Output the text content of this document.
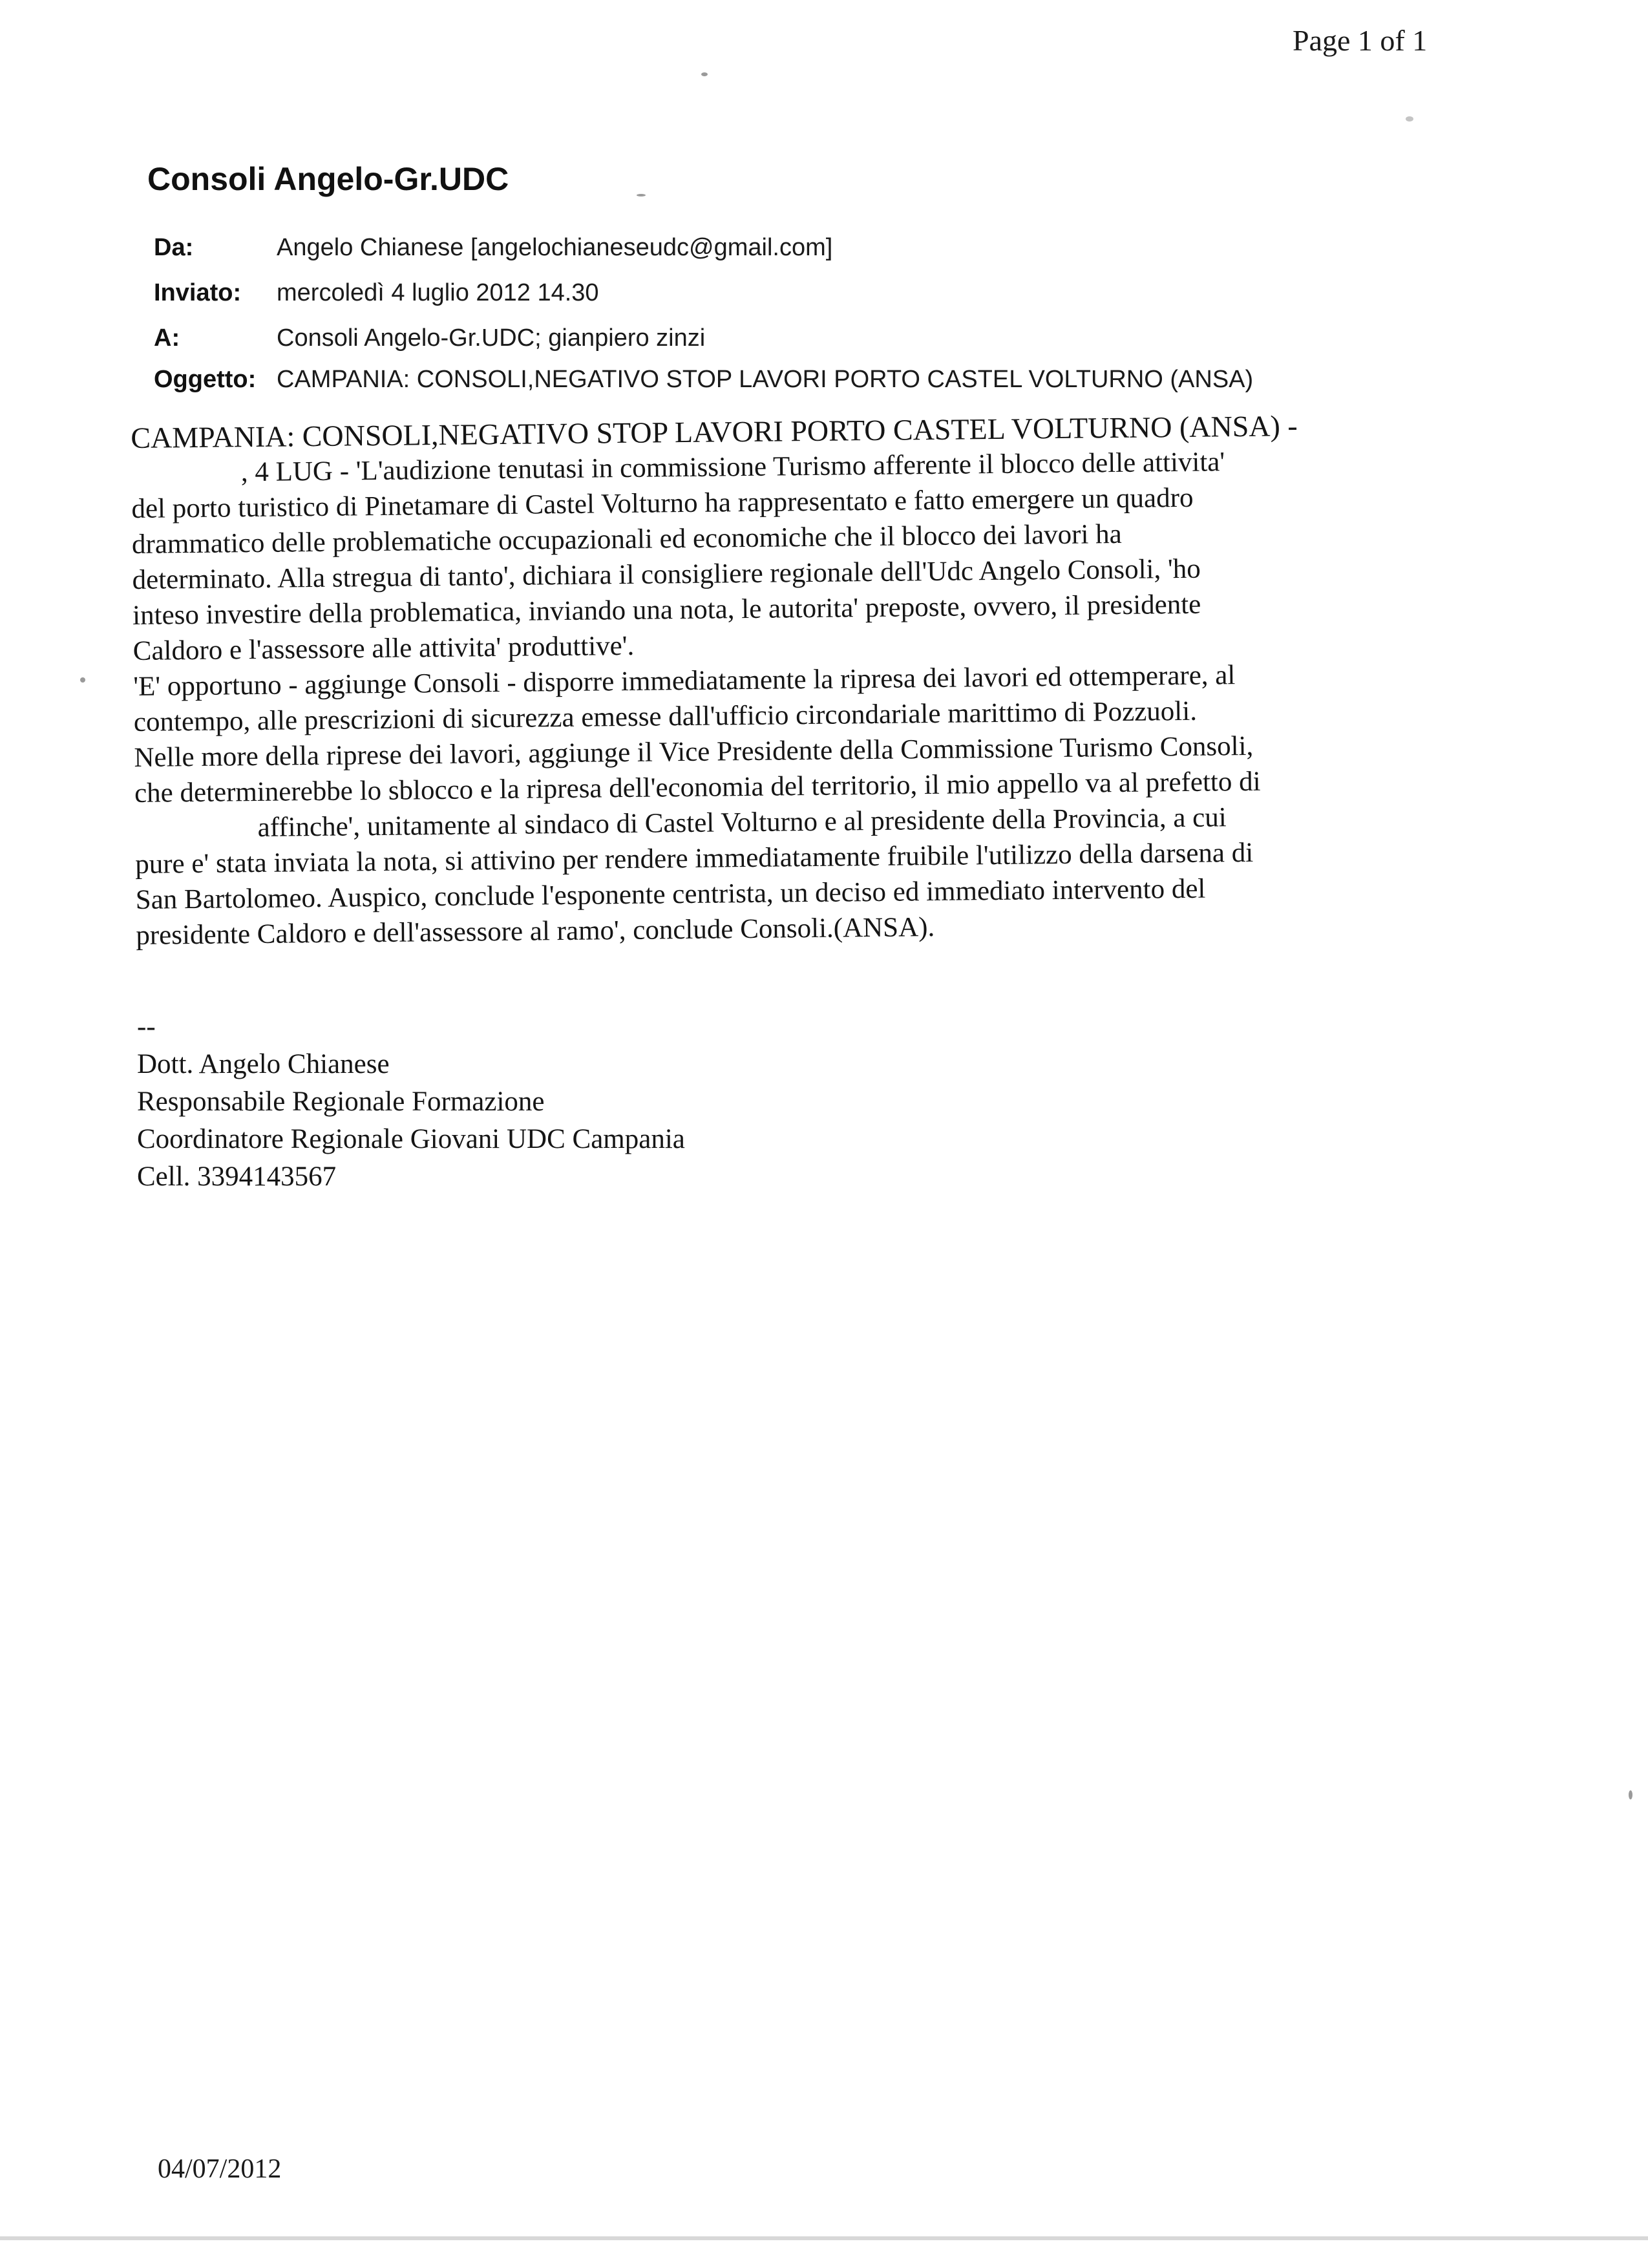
Page 1 of 1
Consoli Angelo-Gr.UDC
Da:	Angelo Chianese [angelochianeseudc@gmail.com]
Inviato: mercoledì 4 luglio 2012 14.30
A:	Consoli Angelo-Gr.UDC; gianpiero zinzi
Oggetto: CAMPANIA: CONSOLI,NEGATIVO STOP LAVORI PORTO CASTEL VOLTURNO (ANSA)

CAMPANIA: CONSOLI,NEGATIVO STOP LAVORI PORTO CASTEL VOLTURNO (ANSA) -

, 4 LUG - 'L'audizione tenutasi in commissione Turismo afferente il blocco delle attivita'

del porto turistico di Pinetamare di Castel Volturno ha rappresentato e fatto emergere un quadro

drammatico delle problematiche occupazionali ed economiche che il blocco dei lavori ha

determinato. Alla stregua di tanto', dichiara il consigliere regionale dell'Udc Angelo Consoli, 'ho

inteso investire della problematica, inviando una nota, le autorita' preposte, ovvero, il presidente

Caldoro e l'assessore alle attivita' produttive'.

'E' opportuno - aggiunge Consoli - disporre immediatamente la ripresa dei lavori ed ottemperare, al

contempo, alle prescrizioni di sicurezza emesse dall'ufficio circondariale marittimo di Pozzuoli.

Nelle more della riprese dei lavori, aggiunge il Vice Presidente della Commissione Turismo Consoli,

che determinerebbe lo sblocco e la ripresa dell'economia del territorio, il mio appello va al prefetto di

affinche', unitamente al sindaco di Castel Volturno e al presidente della Provincia, a cui

pure e' stata inviata la nota, si attivino per rendere immediatamente fruibile l'utilizzo della darsena di

San Bartolomeo. Auspico, conclude l'esponente centrista, un deciso ed immediato intervento del

presidente Caldoro e dell'assessore al ramo', conclude Consoli.(ANSA).

--
Dott. Angelo Chianese
Responsabile Regionale Formazione
Coordinatore Regionale Giovani UDC Campania
Cell. 3394143567
04/07/2012
